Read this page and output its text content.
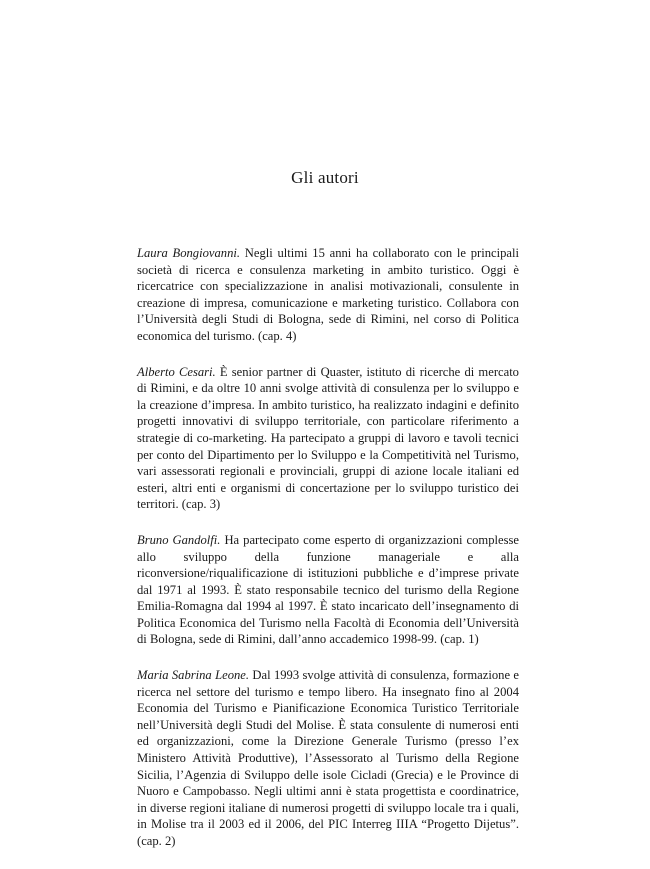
Gli autori

Laura Bongiovanni. Negli ultimi 15 anni ha collaborato con le principali società di ricerca e consulenza marketing in ambito turistico. Oggi è ricercatrice con specializzazione in analisi motivazionali, consulente in creazione di impresa, comunicazione e marketing turistico. Collabora con l’Università degli Studi di Bologna, sede di Rimini, nel corso di Politica economica del turismo. (cap. 4)

Alberto Cesari. È senior partner di Quaster, istituto di ricerche di mercato di Rimini, e da oltre 10 anni svolge attività di consulenza per lo sviluppo e la creazione d’impresa. In ambito turistico, ha realizzato indagini e definito progetti innovativi di sviluppo territoriale, con particolare riferimento a strategie di co-marketing. Ha partecipato a gruppi di lavoro e tavoli tecnici per conto del Dipartimento per lo Sviluppo e la Competitività nel Turismo, vari assessorati regionali e provinciali, gruppi di azione locale italiani ed esteri, altri enti e organismi di concertazione per lo sviluppo turistico dei territori. (cap. 3)

Bruno Gandolfi. Ha partecipato come esperto di organizzazioni complesse allo sviluppo della funzione manageriale e alla riconversione/riqualificazione di istituzioni pubbliche e d’imprese private dal 1971 al 1993. È stato responsabile tecnico del turismo della Regione Emilia-Romagna dal 1994 al 1997. È stato incaricato dell’insegnamento di Politica Economica del Turismo nella Facoltà di Economia dell’Università di Bologna, sede di Rimini, dall’anno accademico 1998-99. (cap. 1)

Maria Sabrina Leone. Dal 1993 svolge attività di consulenza, formazione e ricerca nel settore del turismo e tempo libero. Ha insegnato fino al 2004 Economia del Turismo e Pianificazione Economica Turistico Territoriale nell’Università degli Studi del Molise. È stata consulente di numerosi enti ed organizzazioni, come la Direzione Generale Turismo (presso l’ex Ministero Attività Produttive), l’Assessorato al Turismo della Regione Sicilia, l’Agenzia di Sviluppo delle isole Cicladi (Grecia) e le Province di Nuoro e Campobasso. Negli ultimi anni è stata progettista e coordinatrice, in diverse regioni italiane di numerosi progetti di sviluppo locale tra i quali, in Molise tra il 2003 ed il 2006, del PIC Interreg IIIA “Progetto Dijetus”. (cap. 2)
